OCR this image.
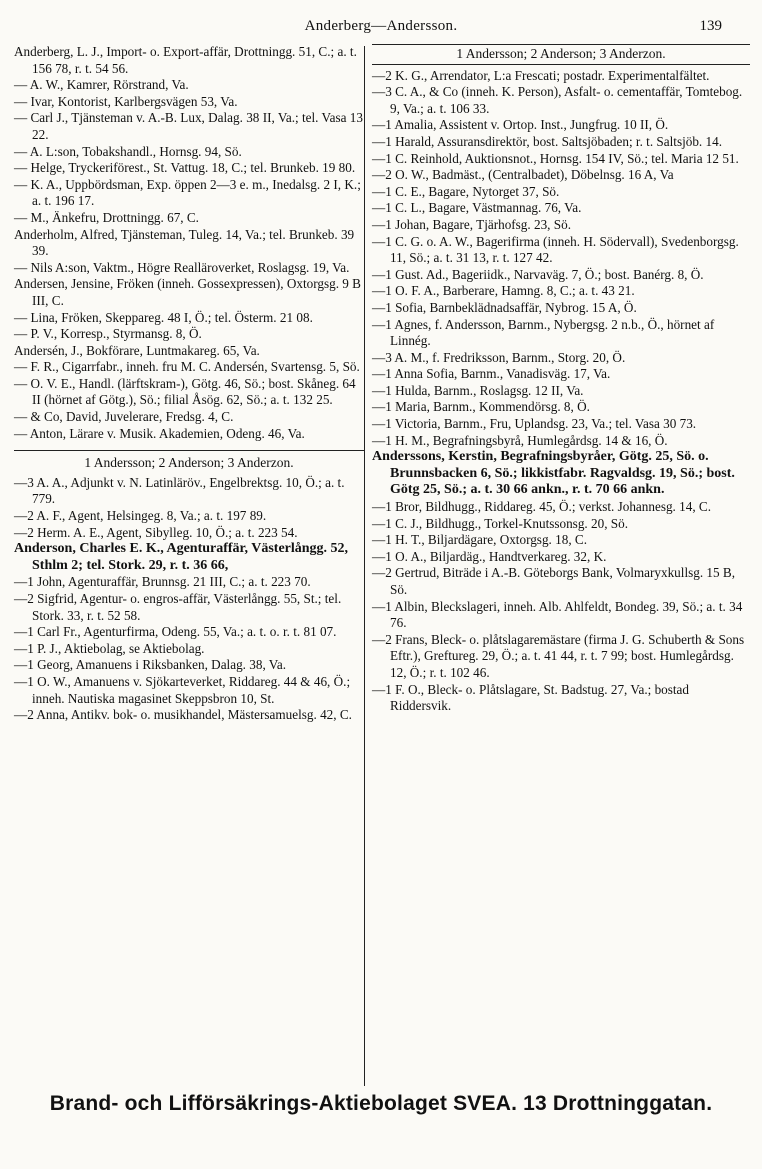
Anderberg—Andersson.	139

Anderberg, L. J., Import- o. Export-affär, Drottningg. 51, C.; a. t. 156 78, r. t. 54 56.

— A. W., Kamrer, Rörstrand, Va.

— Ivar, Kontorist, Karlbergsvägen 53, Va.

— Carl J., Tjänsteman v. A.-B. Lux, Dalag. 38 II, Va.; tel. Vasa 13 22.

— A. L:son, Tobakshandl., Hornsg. 94, Sö.

— Helge, Tryckeriförest., St. Vattug. 18, C.; tel. Brunkeb. 19 80.

— K. A., Uppbördsman, Exp. öppen 2—3 e. m., Inedalsg. 2 I, K.; a. t. 196 17.

— M., Änkefru, Drottningg. 67, C.

Anderholm, Alfred, Tjänsteman, Tuleg. 14, Va.; tel. Brunkeb. 39 39.

— Nils A:son, Vaktm., Högre Realläroverket, Roslagsg. 19, Va.

Andersen, Jensine, Fröken (inneh. Gossexpressen), Oxtorgsg. 9 B III, C.

— Lina, Fröken, Skeppareg. 48 I, Ö.; tel. Österm. 21 08.

— P. V., Korresp., Styrmansg. 8, Ö.

Andersén, J., Bokförare, Luntmakareg. 65, Va.

— F. R., Cigarrfabr., inneh. fru M. C. Andersén, Svartensg. 5, Sö.

— O. V. E., Handl. (lärftskram-), Götg. 46, Sö.; bost. Skåneg. 64 II (hörnet af Götg.), Sö.; filial Åsög. 62, Sö.; a. t. 132 25.

— & Co, David, Juvelerare, Fredsg. 4, C.

— Anton, Lärare v. Musik. Akademien, Odeng. 46, Va.

1 Andersson; 2 Anderson; 3 Anderzon.

—3 A. A., Adjunkt v. N. Latinläröv., Engelbrektsg. 10, Ö.; a. t. 779.

—2 A. F., Agent, Helsingeg. 8, Va.; a. t. 197 89.

—2 Herm. A. E., Agent, Sibylleg. 10, Ö.; a. t. 223 54.

Anderson, Charles E. K., Agenturaffär, Västerlångg. 52, Sthlm 2; tel. Stork. 29, r. t. 36 66,

—1 John, Agenturaffär, Brunnsg. 21 III, C.; a. t. 223 70.

—2 Sigfrid, Agentur- o. engros-affär, Västerlångg. 55, St.; tel. Stork. 33, r. t. 52 58.

—1 Carl Fr., Agenturfirma, Odeng. 55, Va.; a. t. o. r. t. 81 07.

—1 P. J., Aktiebolag, se Aktiebolag.

—1 Georg, Amanuens i Riksbanken, Dalag. 38, Va.

—1 O. W., Amanuens v. Sjökarteverket, Riddareg. 44 & 46, Ö.; inneh. Nautiska magasinet Skeppsbron 10, St.

—2 Anna, Antikv. bok- o. musikhandel, Mästersamuelsg. 42, C.

1 Andersson; 2 Anderson; 3 Anderzon.

—2 K. G., Arrendator, L:a Frescati; postadr. Experimentalfältet.

—3 C. A., & Co (inneh. K. Person), Asfalt- o. cementaffär, Tomtebog. 9, Va.; a. t. 106 33.

—1 Amalia, Assistent v. Ortop. Inst., Jungfrug. 10 II, Ö.

—1 Harald, Assuransdirektör, bost. Saltsjöbaden; r. t. Saltsjöb. 14.

—1 C. Reinhold, Auktionsnot., Hornsg. 154 IV, Sö.; tel. Maria 12 51.

—2 O. W., Badmäst., (Centralbadet), Döbelnsg. 16 A, Va

—1 C. E., Bagare, Nytorget 37, Sö.

—1 C. L., Bagare, Västmannag. 76, Va.

—1 Johan, Bagare, Tjärhofsg. 23, Sö.

—1 C. G. o. A. W., Bagerifirma (inneh. H. Södervall), Svedenborgsg. 11, Sö.; a. t. 31 13, r. t. 127 42.

—1 Gust. Ad., Bageriidk., Narvaväg. 7, Ö.; bost. Banérg. 8, Ö.

—1 O. F. A., Barberare, Hamng. 8, C.; a. t. 43 21.

—1 Sofia, Barnbeklädnadsaffär, Nybrog. 15 A, Ö.

—1 Agnes, f. Andersson, Barnm., Nybergsg. 2 n.b., Ö., hörnet af Linnég.

—3 A. M., f. Fredriksson, Barnm., Storg. 20, Ö.

—1 Anna Sofia, Barnm., Vanadisväg. 17, Va.

—1 Hulda, Barnm., Roslagsg. 12 II, Va.

—1 Maria, Barnm., Kommendörsg. 8, Ö.

—1 Victoria, Barnm., Fru, Uplandsg. 23, Va.; tel. Vasa 30 73.

—1 H. M., Begrafningsbyrå, Humlegårdsg. 14 & 16, Ö.

Anderssons, Kerstin, Begrafningsbyråer, Götg. 25, Sö. o. Brunnsbacken 6, Sö.; likkistfabr. Ragvaldsg. 19, Sö.; bost. Götg 25, Sö.; a. t. 30 66 ankn., r. t. 70 66 ankn.

—1 Bror, Bildhugg., Riddareg. 45, Ö.; verkst. Johannesg. 14, C.

—1 C. J., Bildhugg., Torkel-Knutssonsg. 20, Sö.

—1 H. T., Biljardägare, Oxtorgsg. 18, C.

—1 O. A., Biljardäg., Handtverkareg. 32, K.

—2 Gertrud, Biträde i A.-B. Göteborgs Bank, Volmaryxkullsg. 15 B, Sö.

—1 Albin, Bleckslageri, inneh. Alb. Ahlfeldt, Bondeg. 39, Sö.; a. t. 34 76.

—2 Frans, Bleck- o. plåtslagaremästare (firma J. G. Schuberth & Sons Eftr.), Greftureg. 29, Ö.; a. t. 41 44, r. t. 7 99; bost. Humlegårdsg. 12, Ö.; r. t. 102 46.

—1 F. O., Bleck- o. Plåtslagare, St. Badstug. 27, Va.; bostad Riddersvik.

Brand- och Lifförsäkrings-Aktiebolaget SVEA. 13 Drottninggatan.
